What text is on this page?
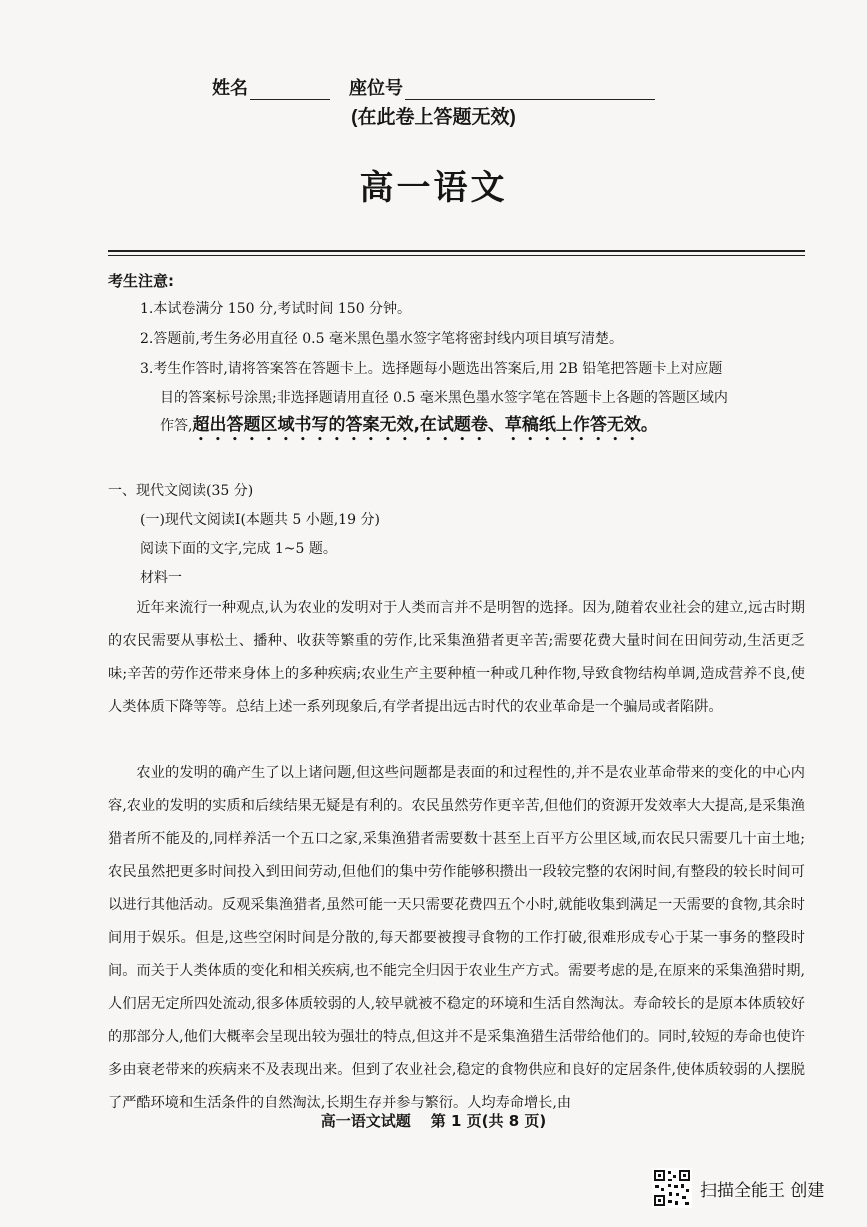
姓名	座位号
(在此卷上答题无效)
高一语文
考生注意:
1.本试卷满分 150 分,考试时间 150 分钟。
2.答题前,考生务必用直径 0.5 毫米黑色墨水签字笔将密封线内项目填写清楚。
3.考生作答时,请将答案答在答题卡上。选择题每小题选出答案后,用 2B 铅笔把答题卡上对应题
目的答案标号涂黑;非选择题请用直径 0.5 毫米黑色墨水签字笔在答题卡上各题的答题区域内
作答,超出答题区域书写的答案无效,在试题卷、草稿纸上作答无效。
一、现代文阅读(35 分)
(一)现代文阅读Ⅰ(本题共 5 小题,19 分)
阅读下面的文字,完成 1~5 题。
材料一
近年来流行一种观点,认为农业的发明对于人类而言并不是明智的选择。因为,随着农业社会的建立,远古时期的农民需要从事松土、播种、收获等繁重的劳作,比采集渔猎者更辛苦;需要花费大量时间在田间劳动,生活更乏味;辛苦的劳作还带来身体上的多种疾病;农业生产主要种植一种或几种作物,导致食物结构单调,造成营养不良,使人类体质下降等等。总结上述一系列现象后,有学者提出远古时代的农业革命是一个骗局或者陷阱。
农业的发明的确产生了以上诸问题,但这些问题都是表面的和过程性的,并不是农业革命带来的变化的中心内容,农业的发明的实质和后续结果无疑是有利的。农民虽然劳作更辛苦,但他们的资源开发效率大大提高,是采集渔猎者所不能及的,同样养活一个五口之家,采集渔猎者需要数十甚至上百平方公里区域,而农民只需要几十亩土地;农民虽然把更多时间投入到田间劳动,但他们的集中劳作能够积攒出一段较完整的农闲时间,有整段的较长时间可以进行其他活动。反观采集渔猎者,虽然可能一天只需要花费四五个小时,就能收集到满足一天需要的食物,其余时间用于娱乐。但是,这些空闲时间是分散的,每天都要被搜寻食物的工作打破,很难形成专心于某一事务的整段时间。而关于人类体质的变化和相关疾病,也不能完全归因于农业生产方式。需要考虑的是,在原来的采集渔猎时期,人们居无定所四处流动,很多体质较弱的人,较早就被不稳定的环境和生活自然淘汰。寿命较长的是原本体质较好的那部分人,他们大概率会呈现出较为强壮的特点,但这并不是采集渔猎生活带给他们的。同时,较短的寿命也使许多由衰老带来的疾病来不及表现出来。但到了农业社会,稳定的食物供应和良好的定居条件,使体质较弱的人摆脱了严酷环境和生活条件的自然淘汰,长期生存并参与繁衍。人均寿命增长,由
高一语文试题 第 1 页(共 8 页)
扫描全能王 创建
